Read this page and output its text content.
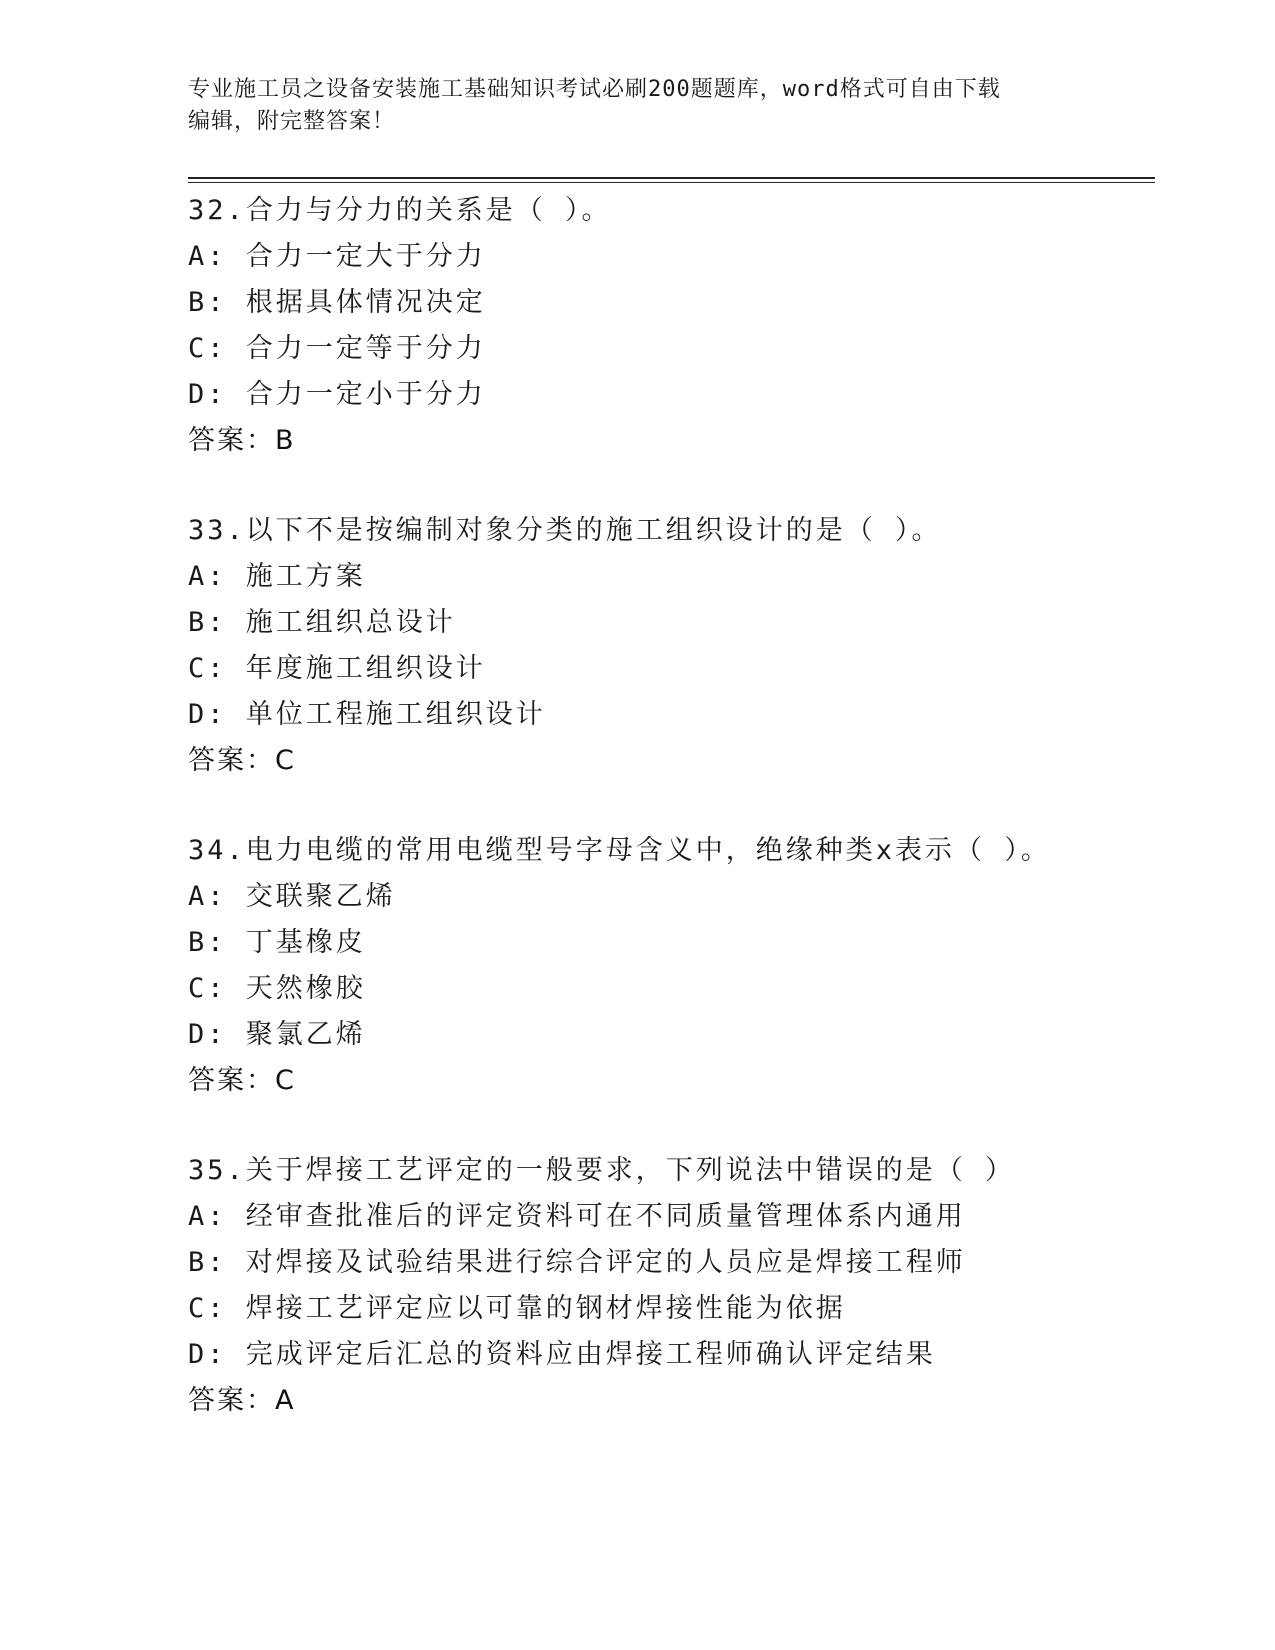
专业施工员之设备安装施工基础知识考试必刷200题题库，word格式可自由下载
编辑，附完整答案！
32.合力与分力的关系是（ ）。
A: 合力一定大于分力
B: 根据具体情况决定
C: 合力一定等于分力
D: 合力一定小于分力
答案：B
33.以下不是按编制对象分类的施工组织设计的是（ ）。
A: 施工方案
B: 施工组织总设计
C: 年度施工组织设计
D: 单位工程施工组织设计
答案：C
34.电力电缆的常用电缆型号字母含义中，绝缘种类x表示（ ）。
A: 交联聚乙烯
B: 丁基橡皮
C: 天然橡胶
D: 聚氯乙烯
答案：C
35.关于焊接工艺评定的一般要求，下列说法中错误的是（ ）
A: 经审查批准后的评定资料可在不同质量管理体系内通用
B: 对焊接及试验结果进行综合评定的人员应是焊接工程师
C: 焊接工艺评定应以可靠的钢材焊接性能为依据
D: 完成评定后汇总的资料应由焊接工程师确认评定结果
答案：A
